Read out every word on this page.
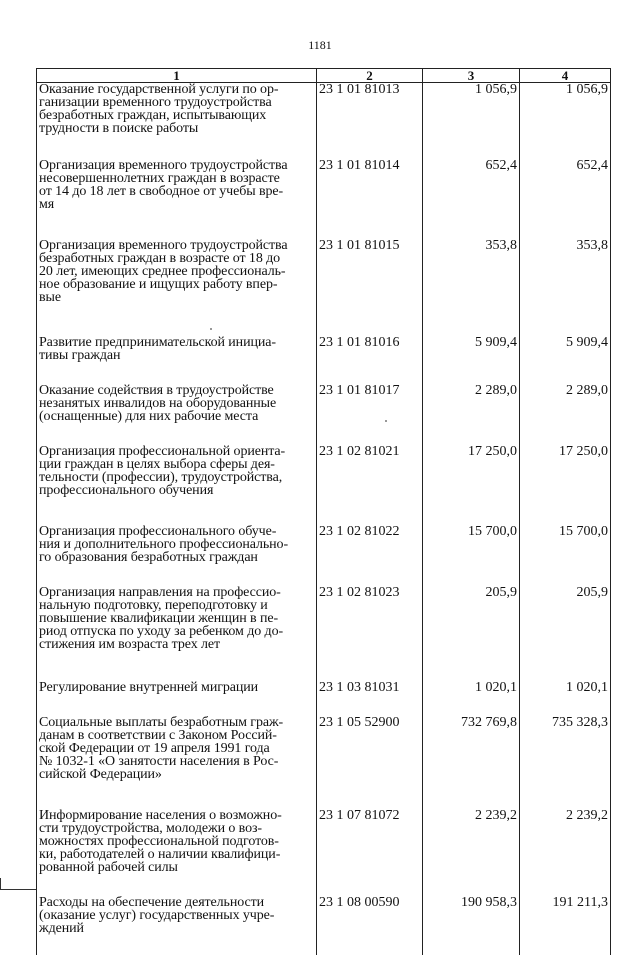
1181
1	2	3	4

Оказание государственной услуги по ор-
ганизации временного трудоустройства
безработных граждан, испытывающих
трудности в поиске работы	23 1 01 81013	1 056,9	1 056,9

Организация временного трудоустройства
несовершеннолетних граждан в возрасте
от 14 до 18 лет в свободное от учебы вре-
мя	23 1 01 81014	652,4	652,4

Организация временного трудоустройства
безработных граждан в возрасте от 18 до
20 лет, имеющих среднее профессиональ-
ное образование и ищущих работу впер-
вые	23 1 01 81015	353,8	353,8

Развитие предпринимательской инициа-
тивы граждан	23 1 01 81016	5 909,4	5 909,4

Оказание содействия в трудоустройстве
незанятых инвалидов на оборудованные
(оснащенные) для них рабочие места	23 1 01 81017	2 289,0	2 289,0

Организация профессиональной ориента-
ции граждан в целях выбора сферы дея-
тельности (профессии), трудоустройства,
профессионального обучения	23 1 02 81021	17 250,0	17 250,0

Организация профессионального обуче-
ния и дополнительного профессионально-
го образования безработных граждан	23 1 02 81022	15 700,0	15 700,0

Организация направления на профессио-
нальную подготовку, переподготовку и
повышение квалификации женщин в пе-
риод отпуска по уходу за ребенком до до-
стижения им возраста трех лет	23 1 02 81023	205,9	205,9

Регулирование внутренней миграции	23 1 03 81031	1 020,1	1 020,1

Социальные выплаты безработным граж-
данам в соответствии с Законом Россий-
ской Федерации от 19 апреля 1991 года
№ 1032-1 «О занятости населения в Рос-
сийской Федерации»	23 1 05 52900	732 769,8	735 328,3

Информирование населения о возможно-
сти трудоустройства, молодежи о воз-
можностях профессиональной подготов-
ки, работодателей о наличии квалифици-
рованной рабочей силы	23 1 07 81072	2 239,2	2 239,2

Расходы на обеспечение деятельности
(оказание услуг) государственных учре-
ждений	23 1 08 00590	190 958,3	191 211,3
